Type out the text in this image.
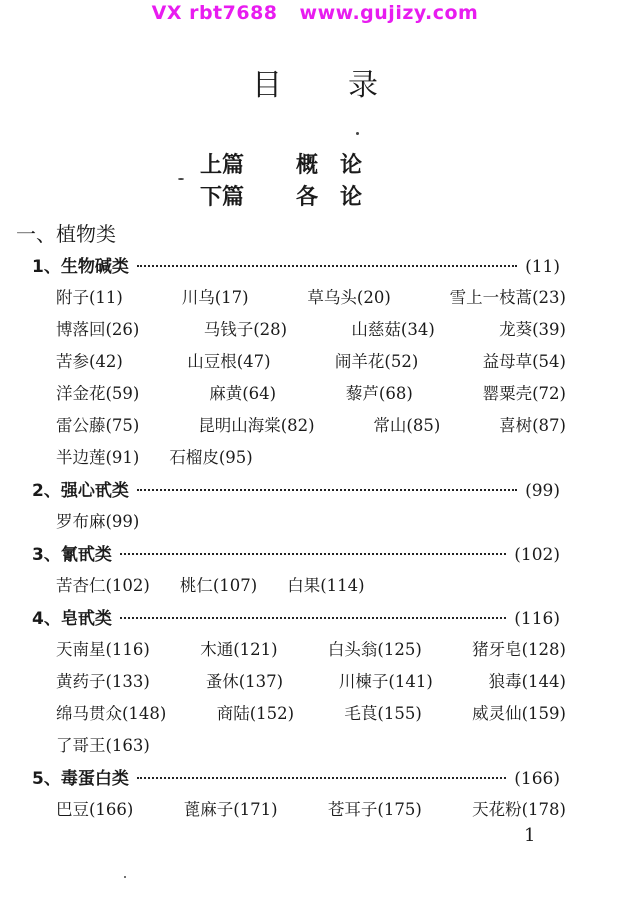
VX rbt7688 www.gujizy.com
目录
上篇 概论
下篇 各论
一、植物类
1、生物碱类	(11)
附子(11)	川乌(17)	草乌头(20)	雪上一枝蒿(23)
博落回(26)	马钱子(28)	山慈菇(34)	龙葵(39)
苦参(42)	山豆根(47)	闹羊花(52)	益母草(54)
洋金花(59)	麻黄(64)	藜芦(68)	罂粟壳(72)
雷公藤(75)	昆明山海棠(82)	常山(85)	喜树(87)
半边莲(91) 石榴皮(95)
2、强心甙类	(99)
罗布麻(99)
3、氰甙类	(102)
苦杏仁(102) 桃仁(107) 白果(114)
4、皂甙类	(116)
天南星(116)	木通(121)	白头翁(125)	猪牙皂(128)
黄药子(133)	蚤休(137)	川楝子(141)	狼毒(144)
绵马贯众(148)	商陆(152)	毛茛(155)	威灵仙(159)
了哥王(163)
5、毒蛋白类	(166)
巴豆(166)	蓖麻子(171)	苍耳子(175)	天花粉(178)
1
